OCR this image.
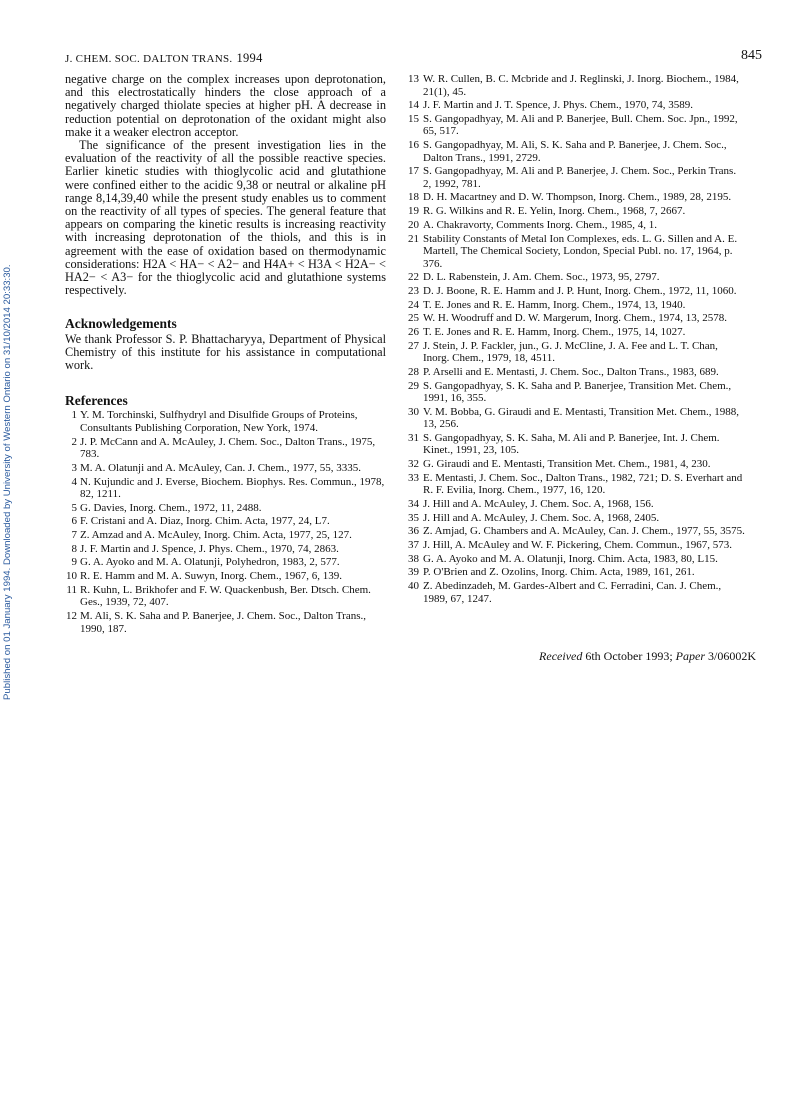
Published on 01 January 1994. Downloaded by University of Western Ontario on 31/10/2014 20:33:30.
J. CHEM. SOC. DALTON TRANS. 1994	845

negative charge on the complex increases upon deprotonation, and this electrostatically hinders the close approach of a negatively charged thiolate species at higher pH. A decrease in reduction potential on deprotonation of the oxidant might also make it a weaker electron acceptor.

The significance of the present investigation lies in the evaluation of the reactivity of all the possible reactive species. Earlier kinetic studies with thioglycolic acid and glutathione were confined either to the acidic 9,38 or neutral or alkaline pH range 8,14,39,40 while the present study enables us to comment on the reactivity of all types of species. The general feature that appears on comparing the kinetic results is increasing reactivity with increasing deprotonation of the thiols, and this is in agreement with the ease of oxidation based on thermodynamic considerations: H2A < HA− < A2− and H4A+ < H3A < H2A− < HA2− < A3− for the thioglycolic acid and glutathione systems respectively.

Acknowledgements

We thank Professor S. P. Bhattacharyya, Department of Physical Chemistry of this institute for his assistance in computational work.

References
1 Y. M. Torchinski, Sulfhydryl and Disulfide Groups of Proteins, Consultants Publishing Corporation, New York, 1974.
2 J. P. McCann and A. McAuley, J. Chem. Soc., Dalton Trans., 1975, 783.
3 M. A. Olatunji and A. McAuley, Can. J. Chem., 1977, 55, 3335.
4 N. Kujundic and J. Everse, Biochem. Biophys. Res. Commun., 1978, 82, 1211.
5 G. Davies, Inorg. Chem., 1972, 11, 2488.
6 F. Cristani and A. Diaz, Inorg. Chim. Acta, 1977, 24, L7.
7 Z. Amzad and A. McAuley, Inorg. Chim. Acta, 1977, 25, 127.
8 J. F. Martin and J. Spence, J. Phys. Chem., 1970, 74, 2863.
9 G. A. Ayoko and M. A. Olatunji, Polyhedron, 1983, 2, 577.
10 R. E. Hamm and M. A. Suwyn, Inorg. Chem., 1967, 6, 139.
11 R. Kuhn, L. Brikhofer and F. W. Quackenbush, Ber. Dtsch. Chem. Ges., 1939, 72, 407.
12 M. Ali, S. K. Saha and P. Banerjee, J. Chem. Soc., Dalton Trans., 1990, 187.
13 W. R. Cullen, B. C. Mcbride and J. Reglinski, J. Inorg. Biochem., 1984, 21(1), 45.
14 J. F. Martin and J. T. Spence, J. Phys. Chem., 1970, 74, 3589.
15 S. Gangopadhyay, M. Ali and P. Banerjee, Bull. Chem. Soc. Jpn., 1992, 65, 517.
16 S. Gangopadhyay, M. Ali, S. K. Saha and P. Banerjee, J. Chem. Soc., Dalton Trans., 1991, 2729.
17 S. Gangopadhyay, M. Ali and P. Banerjee, J. Chem. Soc., Perkin Trans. 2, 1992, 781.
18 D. H. Macartney and D. W. Thompson, Inorg. Chem., 1989, 28, 2195.
19 R. G. Wilkins and R. E. Yelin, Inorg. Chem., 1968, 7, 2667.
20 A. Chakravorty, Comments Inorg. Chem., 1985, 4, 1.
21 Stability Constants of Metal Ion Complexes, eds. L. G. Sillen and A. E. Martell, The Chemical Society, London, Special Publ. no. 17, 1964, p. 376.
22 D. L. Rabenstein, J. Am. Chem. Soc., 1973, 95, 2797.
23 D. J. Boone, R. E. Hamm and J. P. Hunt, Inorg. Chem., 1972, 11, 1060.
24 T. E. Jones and R. E. Hamm, Inorg. Chem., 1974, 13, 1940.
25 W. H. Woodruff and D. W. Margerum, Inorg. Chem., 1974, 13, 2578.
26 T. E. Jones and R. E. Hamm, Inorg. Chem., 1975, 14, 1027.
27 J. Stein, J. P. Fackler, jun., G. J. McCline, J. A. Fee and L. T. Chan, Inorg. Chem., 1979, 18, 4511.
28 P. Arselli and E. Mentasti, J. Chem. Soc., Dalton Trans., 1983, 689.
29 S. Gangopadhyay, S. K. Saha and P. Banerjee, Transition Met. Chem., 1991, 16, 355.
30 V. M. Bobba, G. Giraudi and E. Mentasti, Transition Met. Chem., 1988, 13, 256.
31 S. Gangopadhyay, S. K. Saha, M. Ali and P. Banerjee, Int. J. Chem. Kinet., 1991, 23, 105.
32 G. Giraudi and E. Mentasti, Transition Met. Chem., 1981, 4, 230.
33 E. Mentasti, J. Chem. Soc., Dalton Trans., 1982, 721; D. S. Everhart and R. F. Evilia, Inorg. Chem., 1977, 16, 120.
34 J. Hill and A. McAuley, J. Chem. Soc. A, 1968, 156.
35 J. Hill and A. McAuley, J. Chem. Soc. A, 1968, 2405.
36 Z. Amjad, G. Chambers and A. McAuley, Can. J. Chem., 1977, 55, 3575.
37 J. Hill, A. McAuley and W. F. Pickering, Chem. Commun., 1967, 573.
38 G. A. Ayoko and M. A. Olatunji, Inorg. Chim. Acta, 1983, 80, L15.
39 P. O'Brien and Z. Ozolins, Inorg. Chim. Acta, 1989, 161, 261.
40 Z. Abedinzadeh, M. Gardes-Albert and C. Ferradini, Can. J. Chem., 1989, 67, 1247.
Received 6th October 1993; Paper 3/06002K
